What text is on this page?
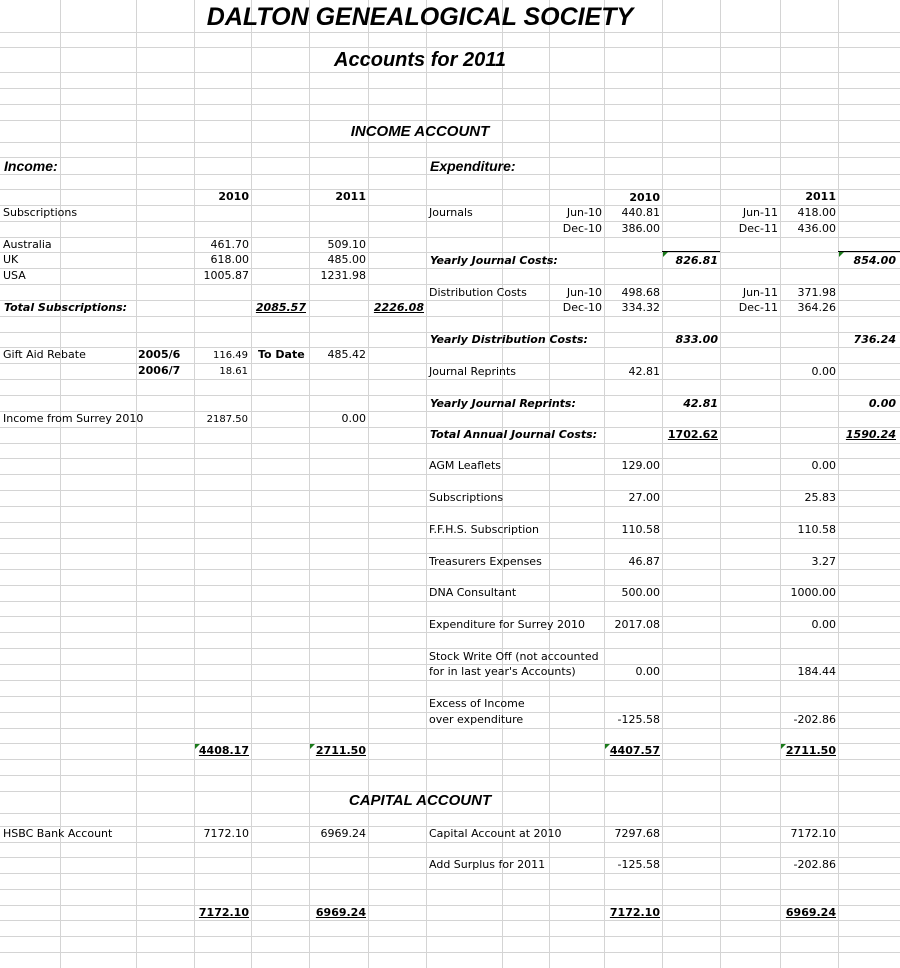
DALTON GENEALOGICAL SOCIETY
Accounts for 2011
INCOME ACCOUNT
Income:
2010	2011
Subscriptions
Australia	461.70	509.10
UK	618.00	485.00
USA	1005.87	1231.98
Total Subscriptions:	2085.57	2226.08
Gift Aid Rebate	2005/6	116.49 To Date	485.42
2006/7	18.61
Income from Surrey 2010	2187.50	0.00
4408.17	2711.50
Expenditure:
2010	2011
Journals	Jun-10	440.81	Jun-11	418.00
Dec-10	386.00	Dec-11	436.00
Yearly Journal Costs:	826.81	854.00
Distribution Costs	Jun-10	498.68	Jun-11	371.98
Dec-10	334.32	Dec-11	364.26
Yearly Distribution Costs:	833.00	736.24
Journal Reprints	42.81	0.00
Yearly Journal Reprints:	42.81	0.00
Total Annual Journal Costs:	1702.62	1590.24
AGM Leaflets	129.00	0.00
Subscriptions	27.00	25.83
F.F.H.S. Subscription	110.58	110.58
Treasurers Expenses	46.87	3.27
DNA Consultant	500.00	1000.00
Expenditure for Surrey 2010	2017.08	0.00
Stock Write Off (not accounted
for in last year's Accounts)	0.00	184.44
Excess of Income
over expenditure	-125.58	-202.86
4407.57	2711.50
CAPITAL ACCOUNT
HSBC Bank Account	7172.10	6969.24	Capital Account at 2010	7297.68	7172.10
Add Surplus for 2011	-125.58	-202.86
7172.10	6969.24	7172.10	6969.24
